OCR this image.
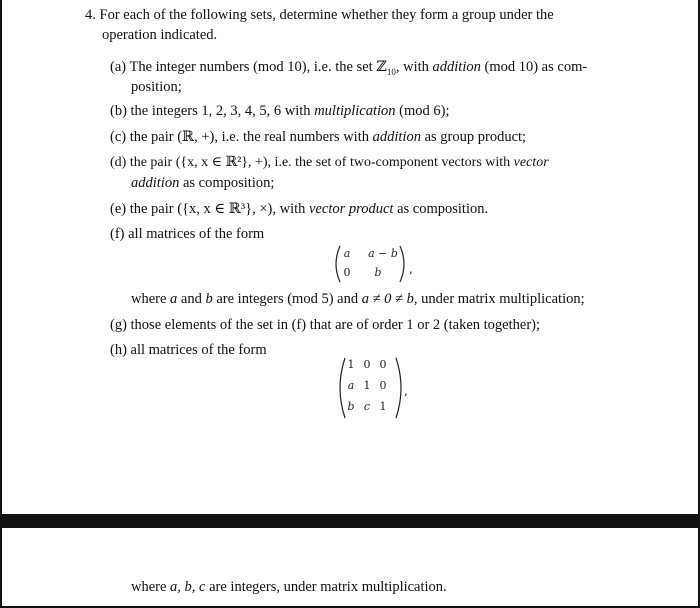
4. For each of the following sets, determine whether they form a group under the
operation indicated.
(a) The integer numbers (mod 10), i.e. the set ℤ$_{10}$, with addition (mod 10) as com-
position;
(b) the integers 1, 2, 3, 4, 5, 6 with multiplication (mod 6);
(c) the pair (ℝ, +), i.e. the real numbers with addition as group product;
(d) the pair ({x, x ∈ ℝ²}, +), i.e. the set of two-component vectors with vector
addition as composition;
(e) the pair ({x, x ∈ ℝ³}, ×), with vector product as composition.
(f) all matrices of the form
a	a − b
0	b ,
where a and b are integers (mod 5) and a ≠ 0 ≠ b, under matrix multiplication;
(g) those elements of the set in (f) that are of order 1 or 2 (taken together);
(h) all matrices of the form
1 0 0
a 1 0
b c 1
,
where a, b, c are integers, under matrix multiplication.
